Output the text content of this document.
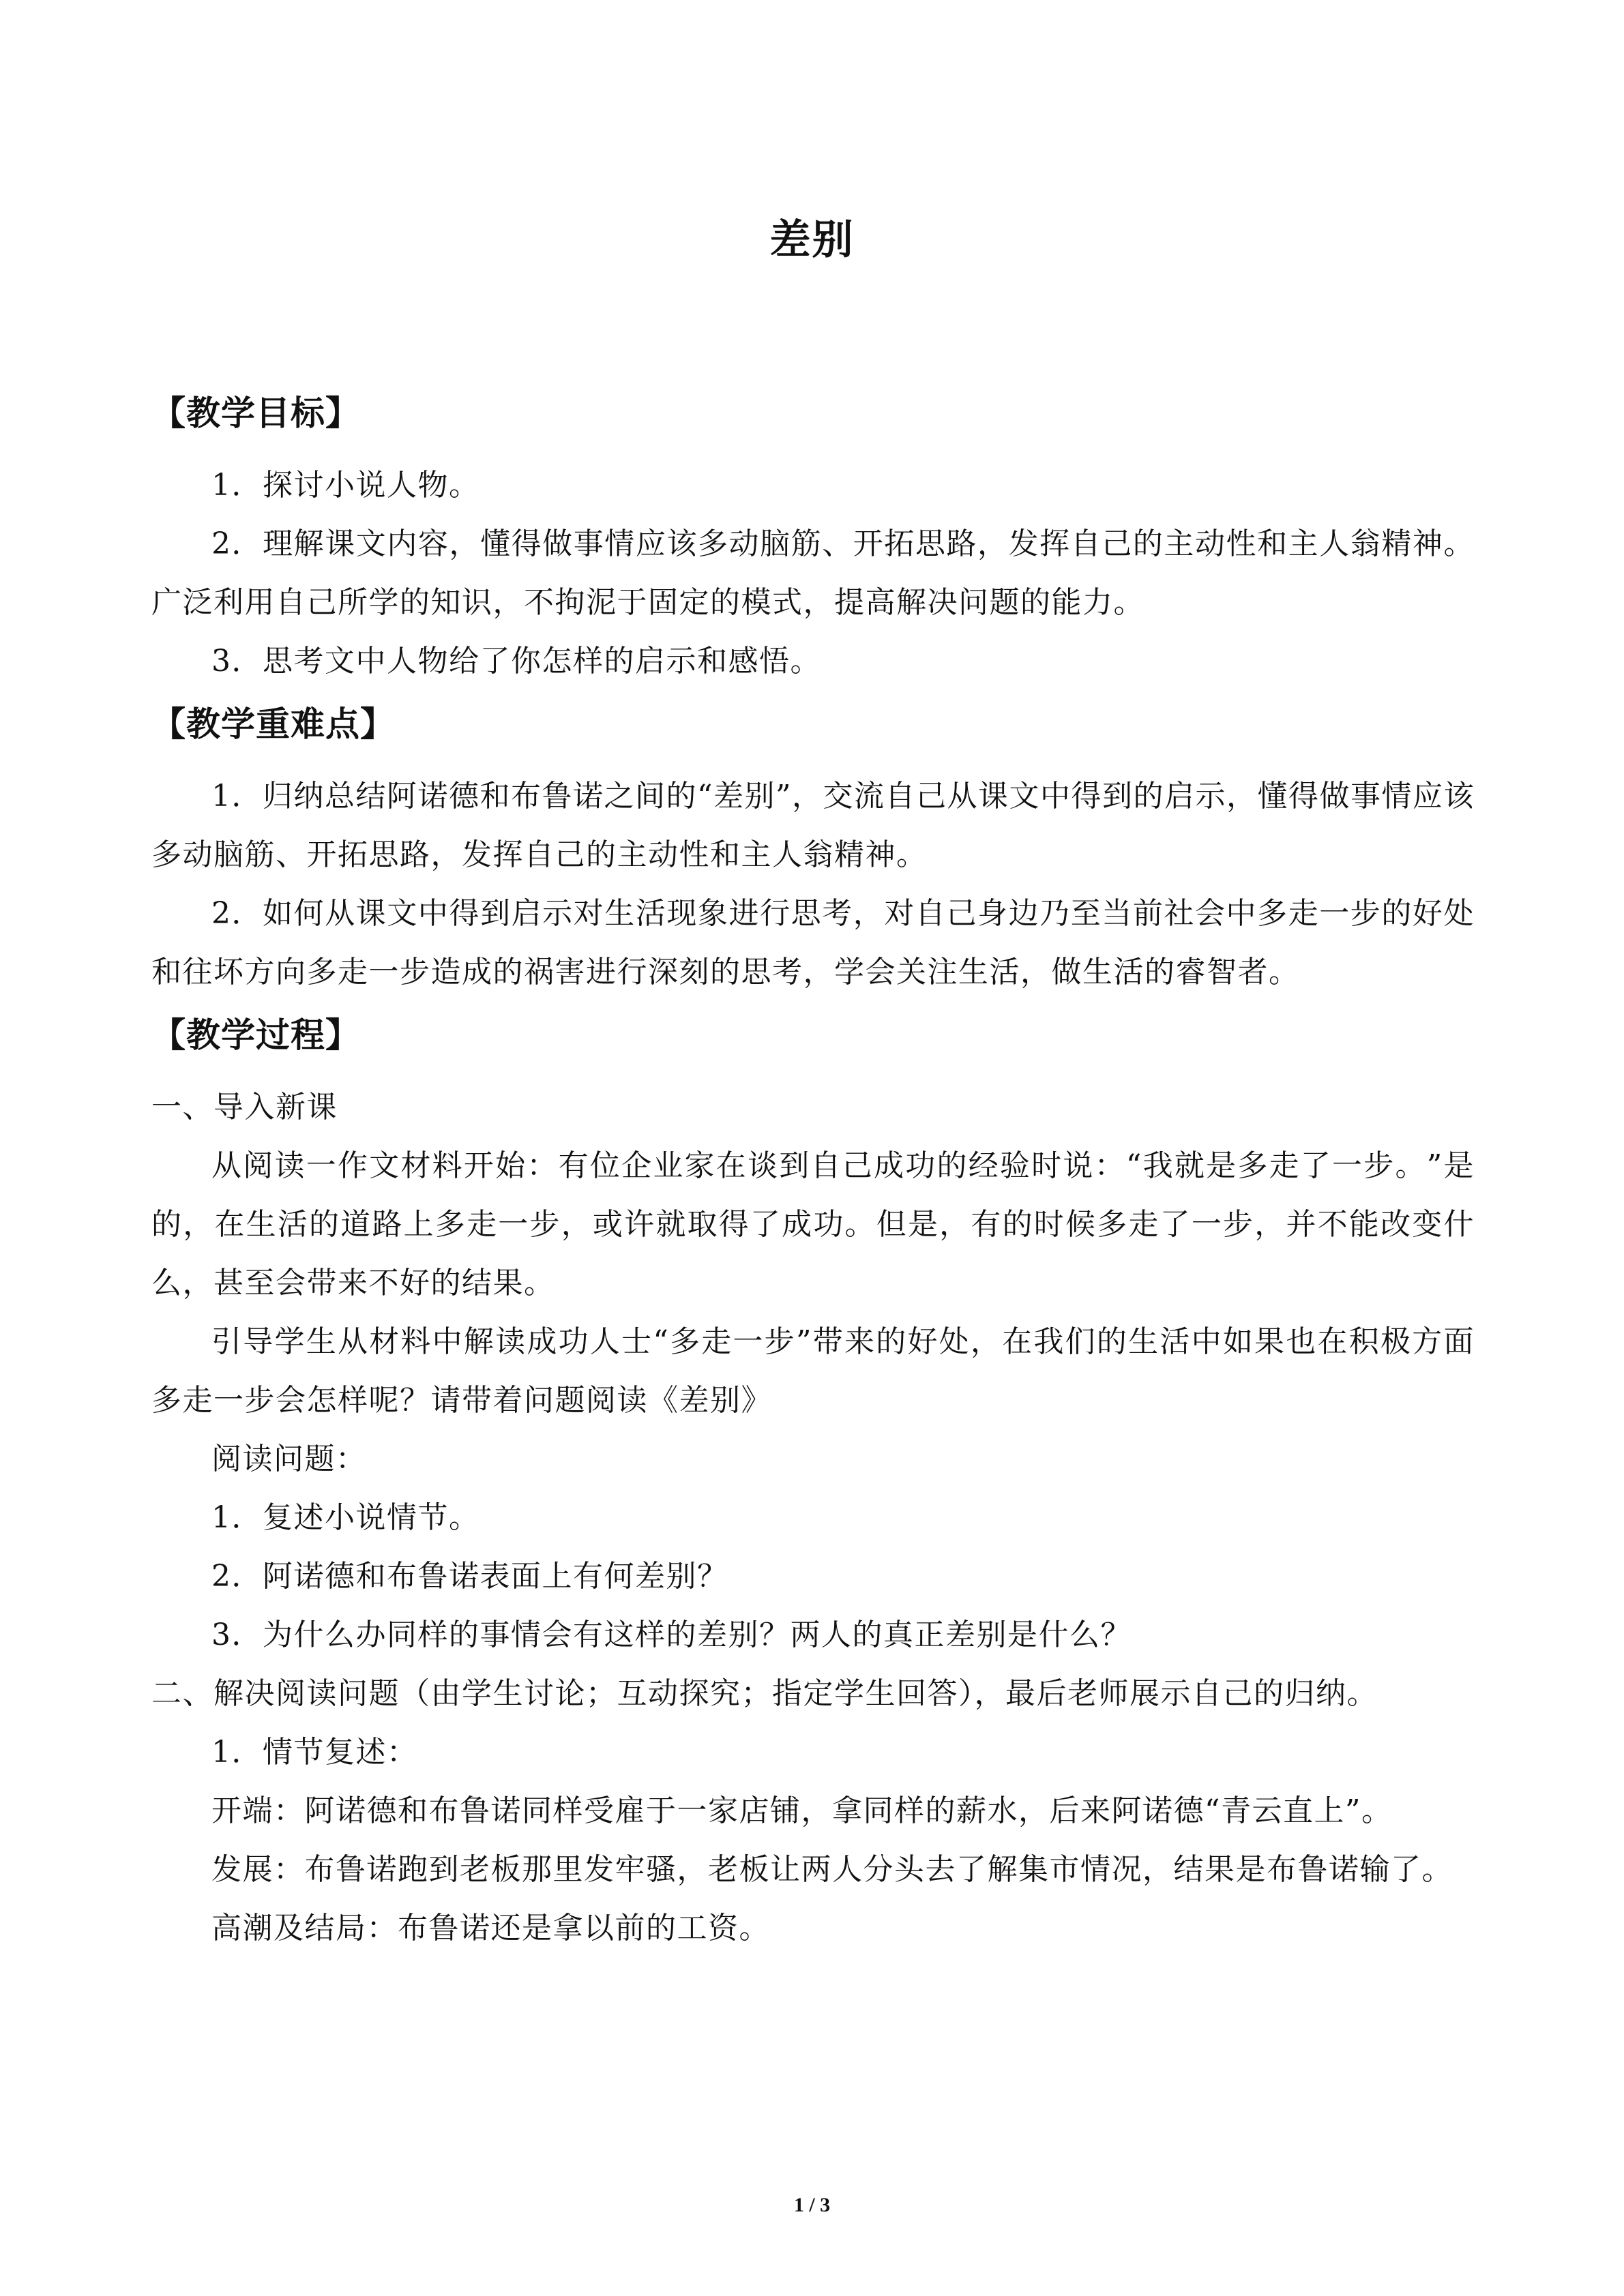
差别
【教学目标】

1．探讨小说人物。

2．理解课文内容，懂得做事情应该多动脑筋、开拓思路，发挥自己的主动性和主人翁精神。广泛利用自己所学的知识，不拘泥于固定的模式，提高解决问题的能力。

3．思考文中人物给了你怎样的启示和感悟。

【教学重难点】

1．归纳总结阿诺德和布鲁诺之间的⁣“差别⁣”，交流自己从课文中得到的启示，懂得做事情应该多动脑筋、开拓思路，发挥自己的主动性和主人翁精神。

2．如何从课文中得到启示对生活现象进行思考，对自己身边乃至当前社会中多走一步的好处和往坏方向多走一步造成的祸害进行深刻的思考，学会关注生活，做生活的睿智者。

【教学过程】

一、导入新课

从阅读一作文材料开始：有位企业家在谈到自己成功的经验时说：⁣“我就是多走了一步。⁣”是的，在生活的道路上多走一步，或许就取得了成功。但是，有的时候多走了一步，并不能改变什么，甚至会带来不好的结果。

引导学生从材料中解读成功人士⁣“多走一步⁣”带来的好处，在我们的生活中如果也在积极方面多走一步会怎样呢？请带着问题阅读《差别》

阅读问题：

1．复述小说情节。

2．阿诺德和布鲁诺表面上有何差别？

3．为什么办同样的事情会有这样的差别？两人的真正差别是什么？

二、解决阅读问题（由学生讨论；互动探究；指定学生回答），最后老师展示自己的归纳。

1．情节复述：

开端：阿诺德和布鲁诺同样受雇于一家店铺，拿同样的薪水，后来阿诺德⁣“青云直上⁣”。

发展：布鲁诺跑到老板那里发牢骚，老板让两人分头去了解集市情况，结果是布鲁诺输了。

高潮及结局：布鲁诺还是拿以前的工资。

1 / 3
